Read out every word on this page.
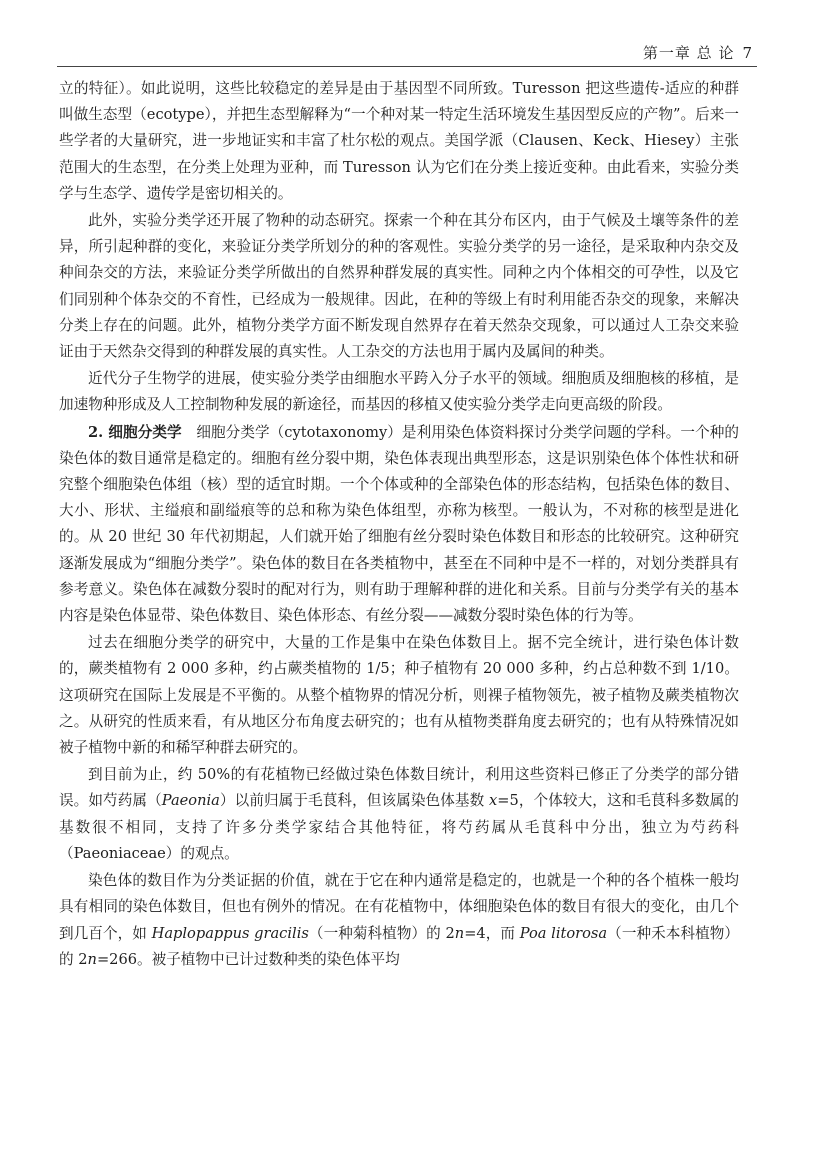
第一章 总 论 7

立的特征）。如此说明，这些比较稳定的差异是由于基因型不同所致。Turesson 把这些遗传-适应的种群叫做生态型（ecotype），并把生态型解释为“一个种对某一特定生活环境发生基因型反应的产物”。后来一些学者的大量研究，进一步地证实和丰富了杜尔松的观点。美国学派（Clausen、Keck、Hiesey）主张范围大的生态型，在分类上处理为亚种，而 Turesson 认为它们在分类上接近变种。由此看来，实验分类学与生态学、遗传学是密切相关的。

此外，实验分类学还开展了物种的动态研究。探索一个种在其分布区内，由于气候及土壤等条件的差异，所引起种群的变化，来验证分类学所划分的种的客观性。实验分类学的另一途径，是采取种内杂交及种间杂交的方法，来验证分类学所做出的自然界种群发展的真实性。同种之内个体相交的可孕性，以及它们同别种个体杂交的不育性，已经成为一般规律。因此，在种的等级上有时利用能否杂交的现象，来解决分类上存在的问题。此外，植物分类学方面不断发现自然界存在着天然杂交现象，可以通过人工杂交来验证由于天然杂交得到的种群发展的真实性。人工杂交的方法也用于属内及属间的种类。

近代分子生物学的进展，使实验分类学由细胞水平跨入分子水平的领域。细胞质及细胞核的移植，是加速物种形成及人工控制物种发展的新途径，而基因的移植又使实验分类学走向更高级的阶段。

2. 细胞分类学　 细胞分类学（cytotaxonomy）是利用染色体资料探讨分类学问题的学科。一个种的染色体的数目通常是稳定的。细胞有丝分裂中期，染色体表现出典型形态，这是识别染色体个体性状和研究整个细胞染色体组（核）型的适宜时期。一个个体或种的全部染色体的形态结构，包括染色体的数目、大小、形状、主缢痕和副缢痕等的总和称为染色体组型，亦称为核型。一般认为，不对称的核型是进化的。从 20 世纪 30 年代初期起，人们就开始了细胞有丝分裂时染色体数目和形态的比较研究。这种研究逐渐发展成为“细胞分类学”。染色体的数目在各类植物中，甚至在不同种中是不一样的，对划分类群具有参考意义。染色体在减数分裂时的配对行为，则有助于理解种群的进化和关系。目前与分类学有关的基本内容是染色体显带、染色体数目、染色体形态、有丝分裂——减数分裂时染色体的行为等。

过去在细胞分类学的研究中，大量的工作是集中在染色体数目上。据不完全统计，进行染色体计数的，蕨类植物有 2 000 多种，约占蕨类植物的 1/5；种子植物有 20 000 多种，约占总种数不到 1/10。这项研究在国际上发展是不平衡的。从整个植物界的情况分析，则裸子植物领先，被子植物及蕨类植物次之。从研究的性质来看，有从地区分布角度去研究的；也有从植物类群角度去研究的；也有从特殊情况如被子植物中新的和稀罕种群去研究的。

到目前为止，约 50%的有花植物已经做过染色体数目统计，利用这些资料已修正了分类学的部分错误。如芍药属（Paeonia）以前归属于毛茛科，但该属染色体基数 x=5，个体较大，这和毛茛科多数属的基数很不相同，支持了许多分类学家结合其他特征，将芍药属从毛茛科中分出，独立为芍药科（Paeoniaceae）的观点。

染色体的数目作为分类证据的价值，就在于它在种内通常是稳定的，也就是一个种的各个植株一般均具有相同的染色体数目，但也有例外的情况。在有花植物中，体细胞染色体的数目有很大的变化，由几个到几百个，如 Haplopappus gracilis（一种菊科植物）的 2n=4，而 Poa litorosa（一种禾本科植物）的 2n=266。被子植物中已计过数种类的染色体平均
